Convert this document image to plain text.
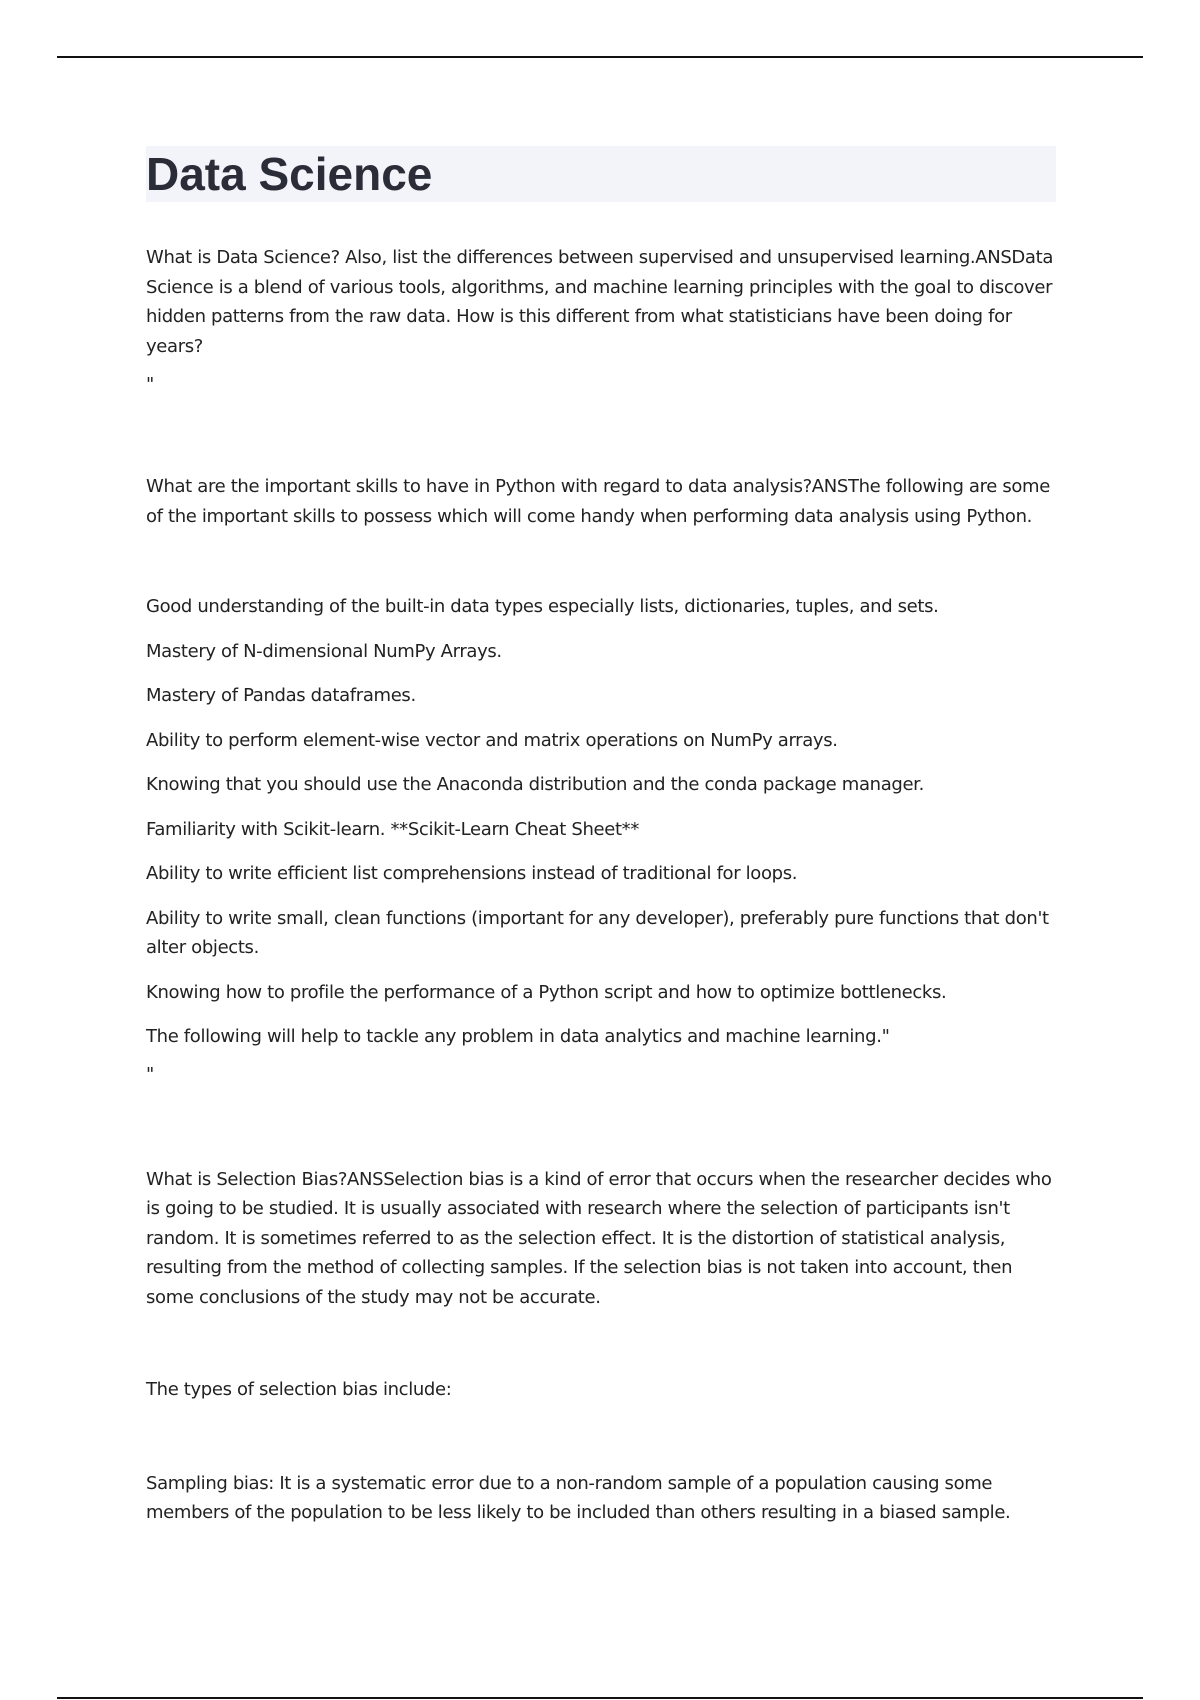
Data Science

What is Data Science? Also, list the differences between supervised and unsupervised learning.ANSData Science is a blend of various tools, algorithms, and machine learning principles with the goal to discover hidden patterns from the raw data. How is this different from what statisticians have been doing for years?

"

What are the important skills to have in Python with regard to data analysis?ANSThe following are some of the important skills to possess which will come handy when performing data analysis using Python.

Good understanding of the built-in data types especially lists, dictionaries, tuples, and sets.

Mastery of N-dimensional NumPy Arrays.

Mastery of Pandas dataframes.

Ability to perform element-wise vector and matrix operations on NumPy arrays.

Knowing that you should use the Anaconda distribution and the conda package manager.

Familiarity with Scikit-learn. **Scikit-Learn Cheat Sheet**

Ability to write efficient list comprehensions instead of traditional for loops.

Ability to write small, clean functions (important for any developer), preferably pure functions that don't alter objects.

Knowing how to profile the performance of a Python script and how to optimize bottlenecks.

The following will help to tackle any problem in data analytics and machine learning."

"

What is Selection Bias?ANSSelection bias is a kind of error that occurs when the researcher decides who is going to be studied. It is usually associated with research where the selection of participants isn't random. It is sometimes referred to as the selection effect. It is the distortion of statistical analysis, resulting from the method of collecting samples. If the selection bias is not taken into account, then some conclusions of the study may not be accurate.

The types of selection bias include:

Sampling bias: It is a systematic error due to a non-random sample of a population causing some members of the population to be less likely to be included than others resulting in a biased sample.
